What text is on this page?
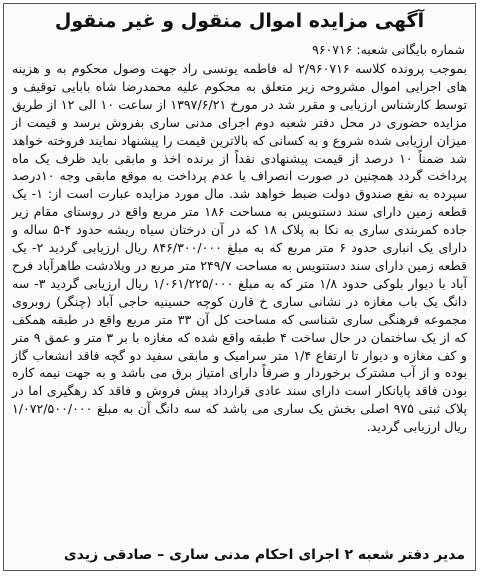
آگهی مزایده اموال منقول و غیر منقول
شماره بایگانی شعبه: ۹۶۰۷۱۶

بموجب پرونده کلاسه ۲/۹۶۰۷۱۶ له فاطمه یونسی راد جهت وصول محکوم به و هزینه های اجرایی اموال مشروحه زیر متعلق به محکوم علیه محمدرضا شاه بابایی توقیف و توسط کارشناس ارزیابی و مقرر شد در مورخ ۱۳۹۷/۶/۲۱ از ساعت ۱۰ الی ۱۲ از طریق مزایده حضوری در محل دفتر شعبه دوم اجرای مدنی ساری بفروش برسد و قیمت از میزان ارزیابی شده شروع و به کسانی که بالاترین قیمت را پیشنهاد نمایند فروخته خواهد شد ضمناً ۱۰ درصد از قیمت پیشنهادی نقداً از برنده اخذ و مابقی باید ظرف یک ماه پرداخت گردد همچنین در صورت انصراف یا عدم پرداخت به موقع مابقی وجه ۱۰درصد سپرده به نفع صندوق دولت ضبط خواهد شد. مال مورد مزایده عبارت است از: ۱- یک قطعه زمین دارای سند دستنویس به مساحت ۱۸۶ متر مربع واقع در روستای مقام زیر جاده کمربندی ساری به نکا به پلاک ۱۸ که در آن درختان سیاه ریشه حدود ۴-۵ ساله و دارای یک انباری حدود ۶ متر مربع که به مبلغ ۸۴۶/۳۰۰/۰۰۰ ریال ارزیابی گردید ۲- یک قطعه زمین دارای سند دستنویس به مساحت ۲۴۹/۷ متر مربع در ویلادشت طاهرآباد فرح آباد با دیوار بلوکی حدود ۱/۸ متر که به مبلغ ۱/۰۶۱/۲۲۵/۰۰۰ ریال ارزیابی گردید ۳- سه دانگ یک باب مغازه در نشانی ساری خ قارن کوچه حسینیه حاجی آباد (چنگر) روبروی مجموعه فرهنگی ساری شناسی که مساحت کل آن ۳۳ متر مربع واقع در طبقه همکف که از یک ساختمان در حال ساخت ۴ طبقه واقع شده که مغازه با بر ۳ متر و عمق ۹ متر و کف مغازه و دیوار تا ارتفاع ۱/۴ متر سرامیک و مابقی سفید دو گچه فاقد انشعاب گاز بوده و از آب مشترک برخوردار و صرفاً دارای امتیاز برق می باشد و به جهت نیمه کاره بودن فاقد پایانکار است دارای سند عادی قرارداد پیش فروش و فاقد کد رهگیری اما در پلاک ثبتی ۹۷۵ اصلی بخش یک ساری می باشد که سه دانگ آن به مبلغ ۱/۰۷۲/۵۰۰/۰۰۰ ریال ارزیابی گردید.

مدیر دفتر شعبه ۲ اجرای احکام مدنی ساری – صادقی زیدی
